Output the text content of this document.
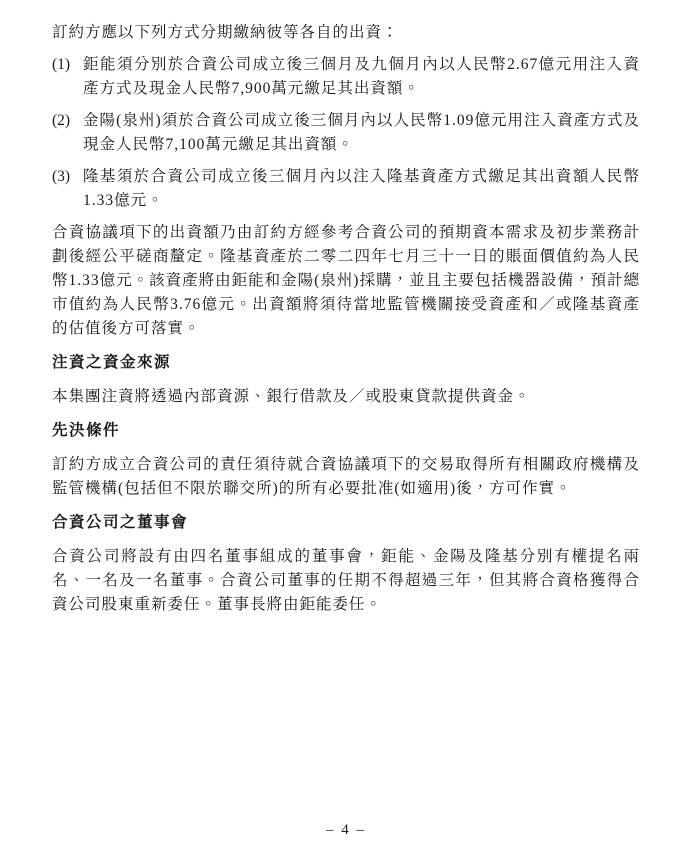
訂約方應以下列方式分期繳納彼等各自的出資：

(1) 鉅能須分別於合資公司成立後三個月及九個月內以人民幣2.67億元用注入資產方式及現金人民幣7,900萬元繳足其出資額。
(2) 金陽(泉州)須於合資公司成立後三個月內以人民幣1.09億元用注入資產方式及現金人民幣7,100萬元繳足其出資額。
(3) 隆基須於合資公司成立後三個月內以注入隆基資產方式繳足其出資額人民幣1.33億元。

合資協議項下的出資額乃由訂約方經參考合資公司的預期資本需求及初步業務計劃後經公平磋商釐定。隆基資產於二零二四年七月三十一日的賬面價值約為人民幣1.33億元。該資產將由鉅能和金陽(泉州)採購，並且主要包括機器設備，預計總市值約為人民幣3.76億元。出資額將須待當地監管機關接受資產和／或隆基資產的估值後方可落實。

注資之資金來源

本集團注資將透過內部資源、銀行借款及／或股東貸款提供資金。

先決條件

訂約方成立合資公司的責任須待就合資協議項下的交易取得所有相關政府機構及監管機構(包括但不限於聯交所)的所有必要批准(如適用)後，方可作實。

合資公司之董事會

合資公司將設有由四名董事組成的董事會，鉅能、金陽及隆基分別有權提名兩名、一名及一名董事。合資公司董事的任期不得超過三年，但其將合資格獲得合資公司股東重新委任。董事長將由鉅能委任。

– 4 –
